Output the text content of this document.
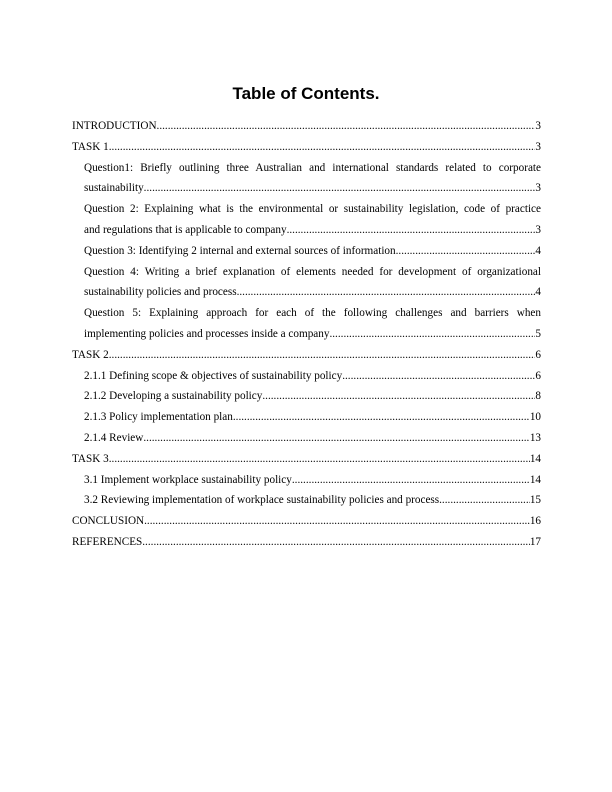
Table of Contents.
INTRODUCTION .....	3
TASK 1 .....	3
Question1: Briefly outlining three Australian and international standards related to corporate
sustainability .....	3
Question 2: Explaining what is the environmental or sustainability legislation, code of practice
and regulations that is applicable to company .....	3
Question 3: Identifying 2 internal and external sources of information .....	4
Question 4: Writing a brief explanation of elements needed for development of organizational
sustainability policies and process .....	4
Question 5: Explaining approach for each of the following challenges and barriers when
implementing policies and processes inside a company .....	5
TASK 2 .....	6
2.1.1 Defining scope & objectives of sustainability policy .....	6
2.1.2 Developing a sustainability policy .....	8
2.1.3 Policy implementation plan .....	10
2.1.4 Review .....	13
TASK 3 .....	14
3.1 Implement workplace sustainability policy .....	14
3.2 Reviewing implementation of workplace sustainability policies and process .....	15
CONCLUSION .....	16
REFERENCES .....	17
